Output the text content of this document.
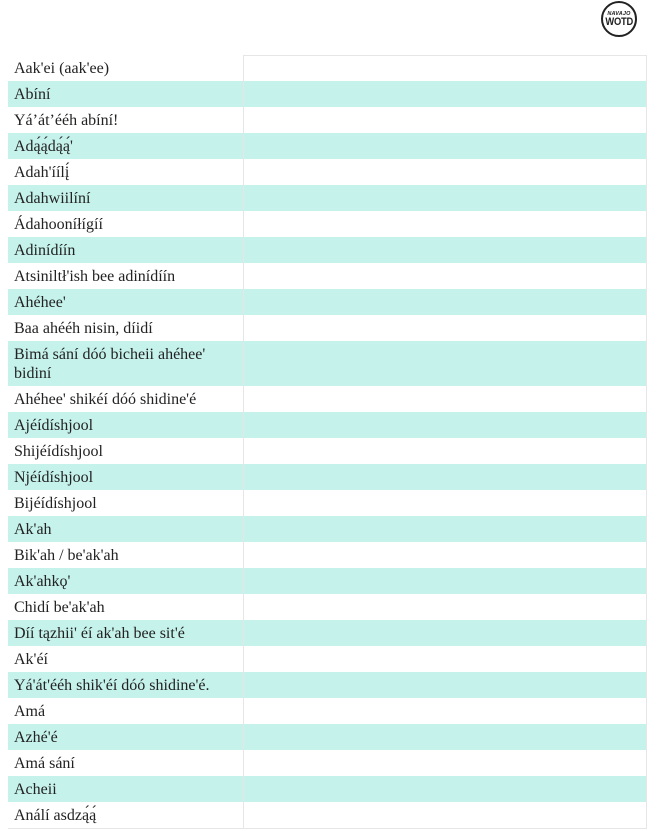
NAVAJO
WOTD
Aak'ei (aak'ee)
Abíní
Yá’át’ééh abíní!
Adą́ą́dą́ą́'
Adah'íílį́
Adahwiilíní
Ádahooníłígíí
Adinídíín
Atsiniltł'ish bee adinídíín
Ahéhee'
Baa ahééh nisin, díidí
Bimá sání dóó bicheii ahéhee' bidiní
Ahéhee' shikéí dóó shidine'é
Ajéídíshjool
Shijéídíshjool
Njéídíshjool
Bijéídíshjool
Ak'ah
Bik'ah / be'ak'ah
Ak'ahkǫ'
Chidí be'ak'ah
Díí tązhii' éí ak'ah bee sit'é
Ak'éí
Yá'át'ééh shik'éí dóó shidine'é.
Amá
Azhé'é
Amá sání
Acheii
Análí asdzą́ą́
